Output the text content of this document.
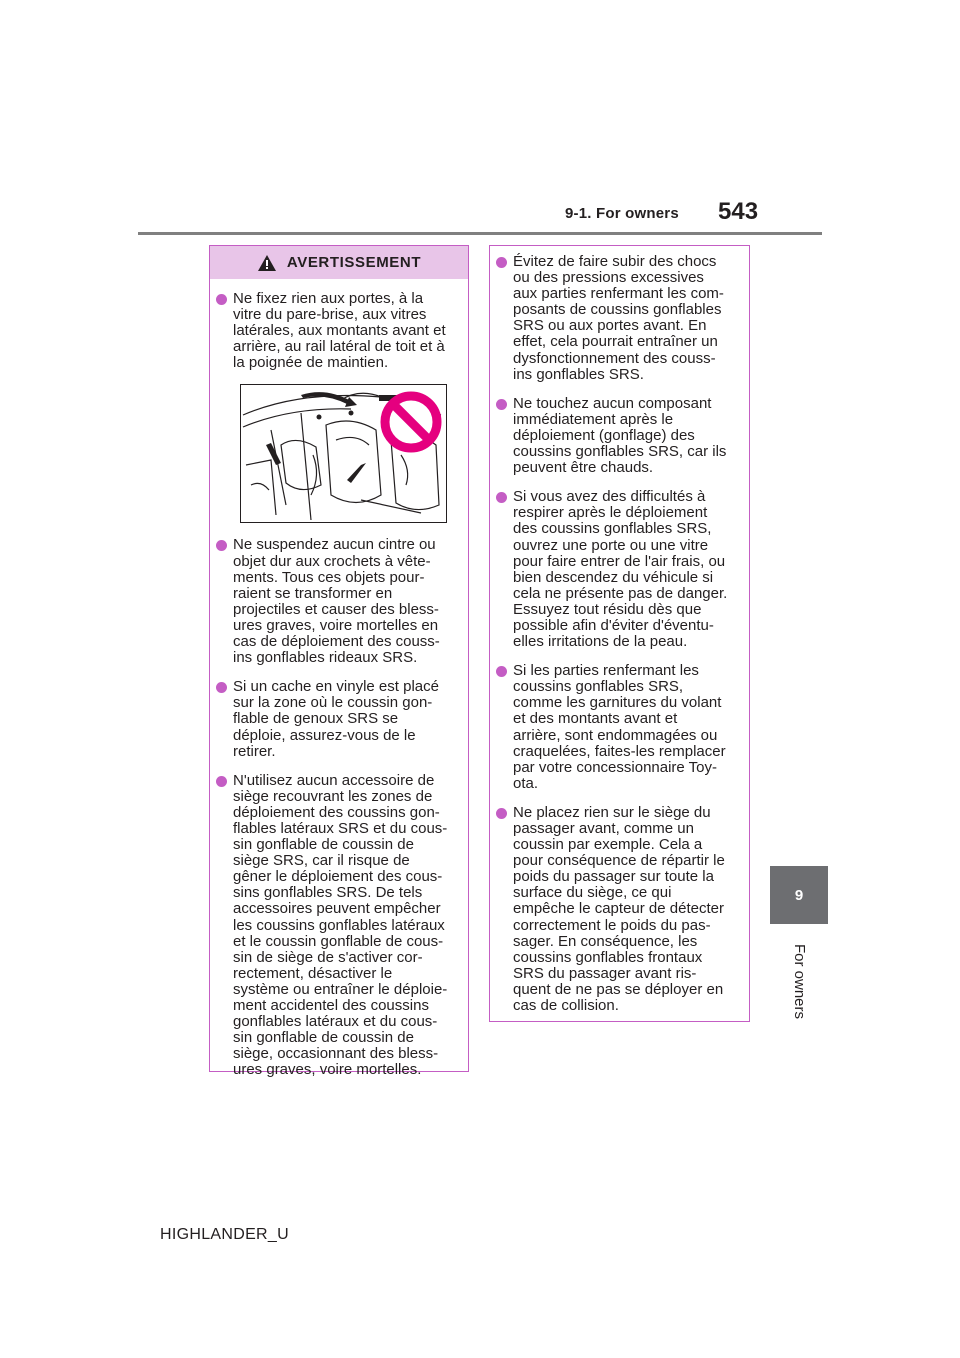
9-1. For owners 543
9
For owners
AVERTISSEMENT
Ne fixez rien aux portes, à la
vitre du pare-brise, aux vitres
latérales, aux montants avant et
arrière, au rail latéral de toit et à
la poignée de maintien.
Ne suspendez aucun cintre ou
objet dur aux crochets à vête-
ments. Tous ces objets pour-
raient se transformer en
projectiles et causer des bless-
ures graves, voire mortelles en
cas de déploiement des couss-
ins gonflables rideaux SRS.
Si un cache en vinyle est placé
sur la zone où le coussin gon-
flable de genoux SRS se
déploie, assurez-vous de le
retirer.
N'utilisez aucun accessoire de
siège recouvrant les zones de
déploiement des coussins gon-
flables latéraux SRS et du cous-
sin gonflable de coussin de
siège SRS, car il risque de
gêner le déploiement des cous-
sins gonflables SRS. De tels
accessoires peuvent empêcher
les coussins gonflables latéraux
et le coussin gonflable de cous-
sin de siège de s'activer cor-
rectement, désactiver le
système ou entraîner le déploie-
ment accidentel des coussins
gonflables latéraux et du cous-
sin gonflable de coussin de
siège, occasionnant des bless-
ures graves, voire mortelles.
Évitez de faire subir des chocs
ou des pressions excessives
aux parties renfermant les com-
posants de coussins gonflables
SRS ou aux portes avant. En
effet, cela pourrait entraîner un
dysfonctionnement des couss-
ins gonflables SRS.
Ne touchez aucun composant
immédiatement après le
déploiement (gonflage) des
coussins gonflables SRS, car ils
peuvent être chauds.
Si vous avez des difficultés à
respirer après le déploiement
des coussins gonflables SRS,
ouvrez une porte ou une vitre
pour faire entrer de l'air frais, ou
bien descendez du véhicule si
cela ne présente pas de danger.
Essuyez tout résidu dès que
possible afin d'éviter d'éventu-
elles irritations de la peau.
Si les parties renfermant les
coussins gonflables SRS,
comme les garnitures du volant
et des montants avant et
arrière, sont endommagées ou
craquelées, faites-les remplacer
par votre concessionnaire Toy-
ota.
Ne placez rien sur le siège du
passager avant, comme un
coussin par exemple. Cela a
pour conséquence de répartir le
poids du passager sur toute la
surface du siège, ce qui
empêche le capteur de détecter
correctement le poids du pas-
sager. En conséquence, les
coussins gonflables frontaux
SRS du passager avant ris-
quent de ne pas se déployer en
cas de collision.
HIGHLANDER_U
